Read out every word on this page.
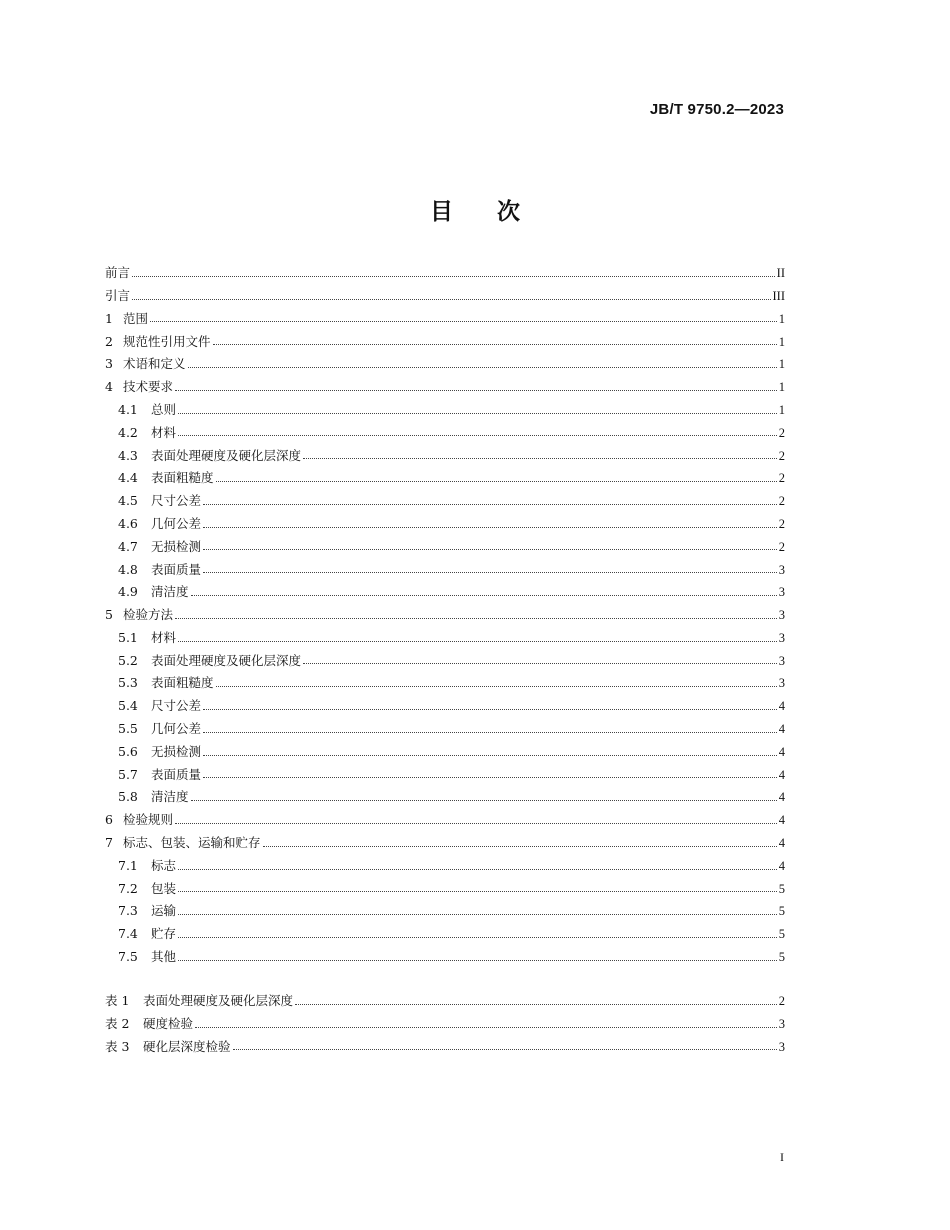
JB/T 9750.2—2023
目 次
前言	II
引言	III
1 范围	1
2 规范性引用文件	1
3 术语和定义	1
4 技术要求	1
4.1	总则	1
4.2	材料	2
4.3	表面处理硬度及硬化层深度	2
4.4	表面粗糙度	2
4.5	尺寸公差	2
4.6	几何公差	2
4.7	无损检测	2
4.8	表面质量	3
4.9	清洁度	3
5 检验方法	3
5.1	材料	3
5.2	表面处理硬度及硬化层深度	3
5.3	表面粗糙度	3
5.4	尺寸公差	4
5.5	几何公差	4
5.6	无损检测	4
5.7	表面质量	4
5.8	清洁度	4
6 检验规则	4
7 标志、包装、运输和贮存	4
7.1	标志	4
7.2	包装	5
7.3	运输	5
7.4	贮存	5
7.5	其他	5
表 1	表面处理硬度及硬化层深度	2
表 2	硬度检验	3
表 3	硬化层深度检验	3
I
